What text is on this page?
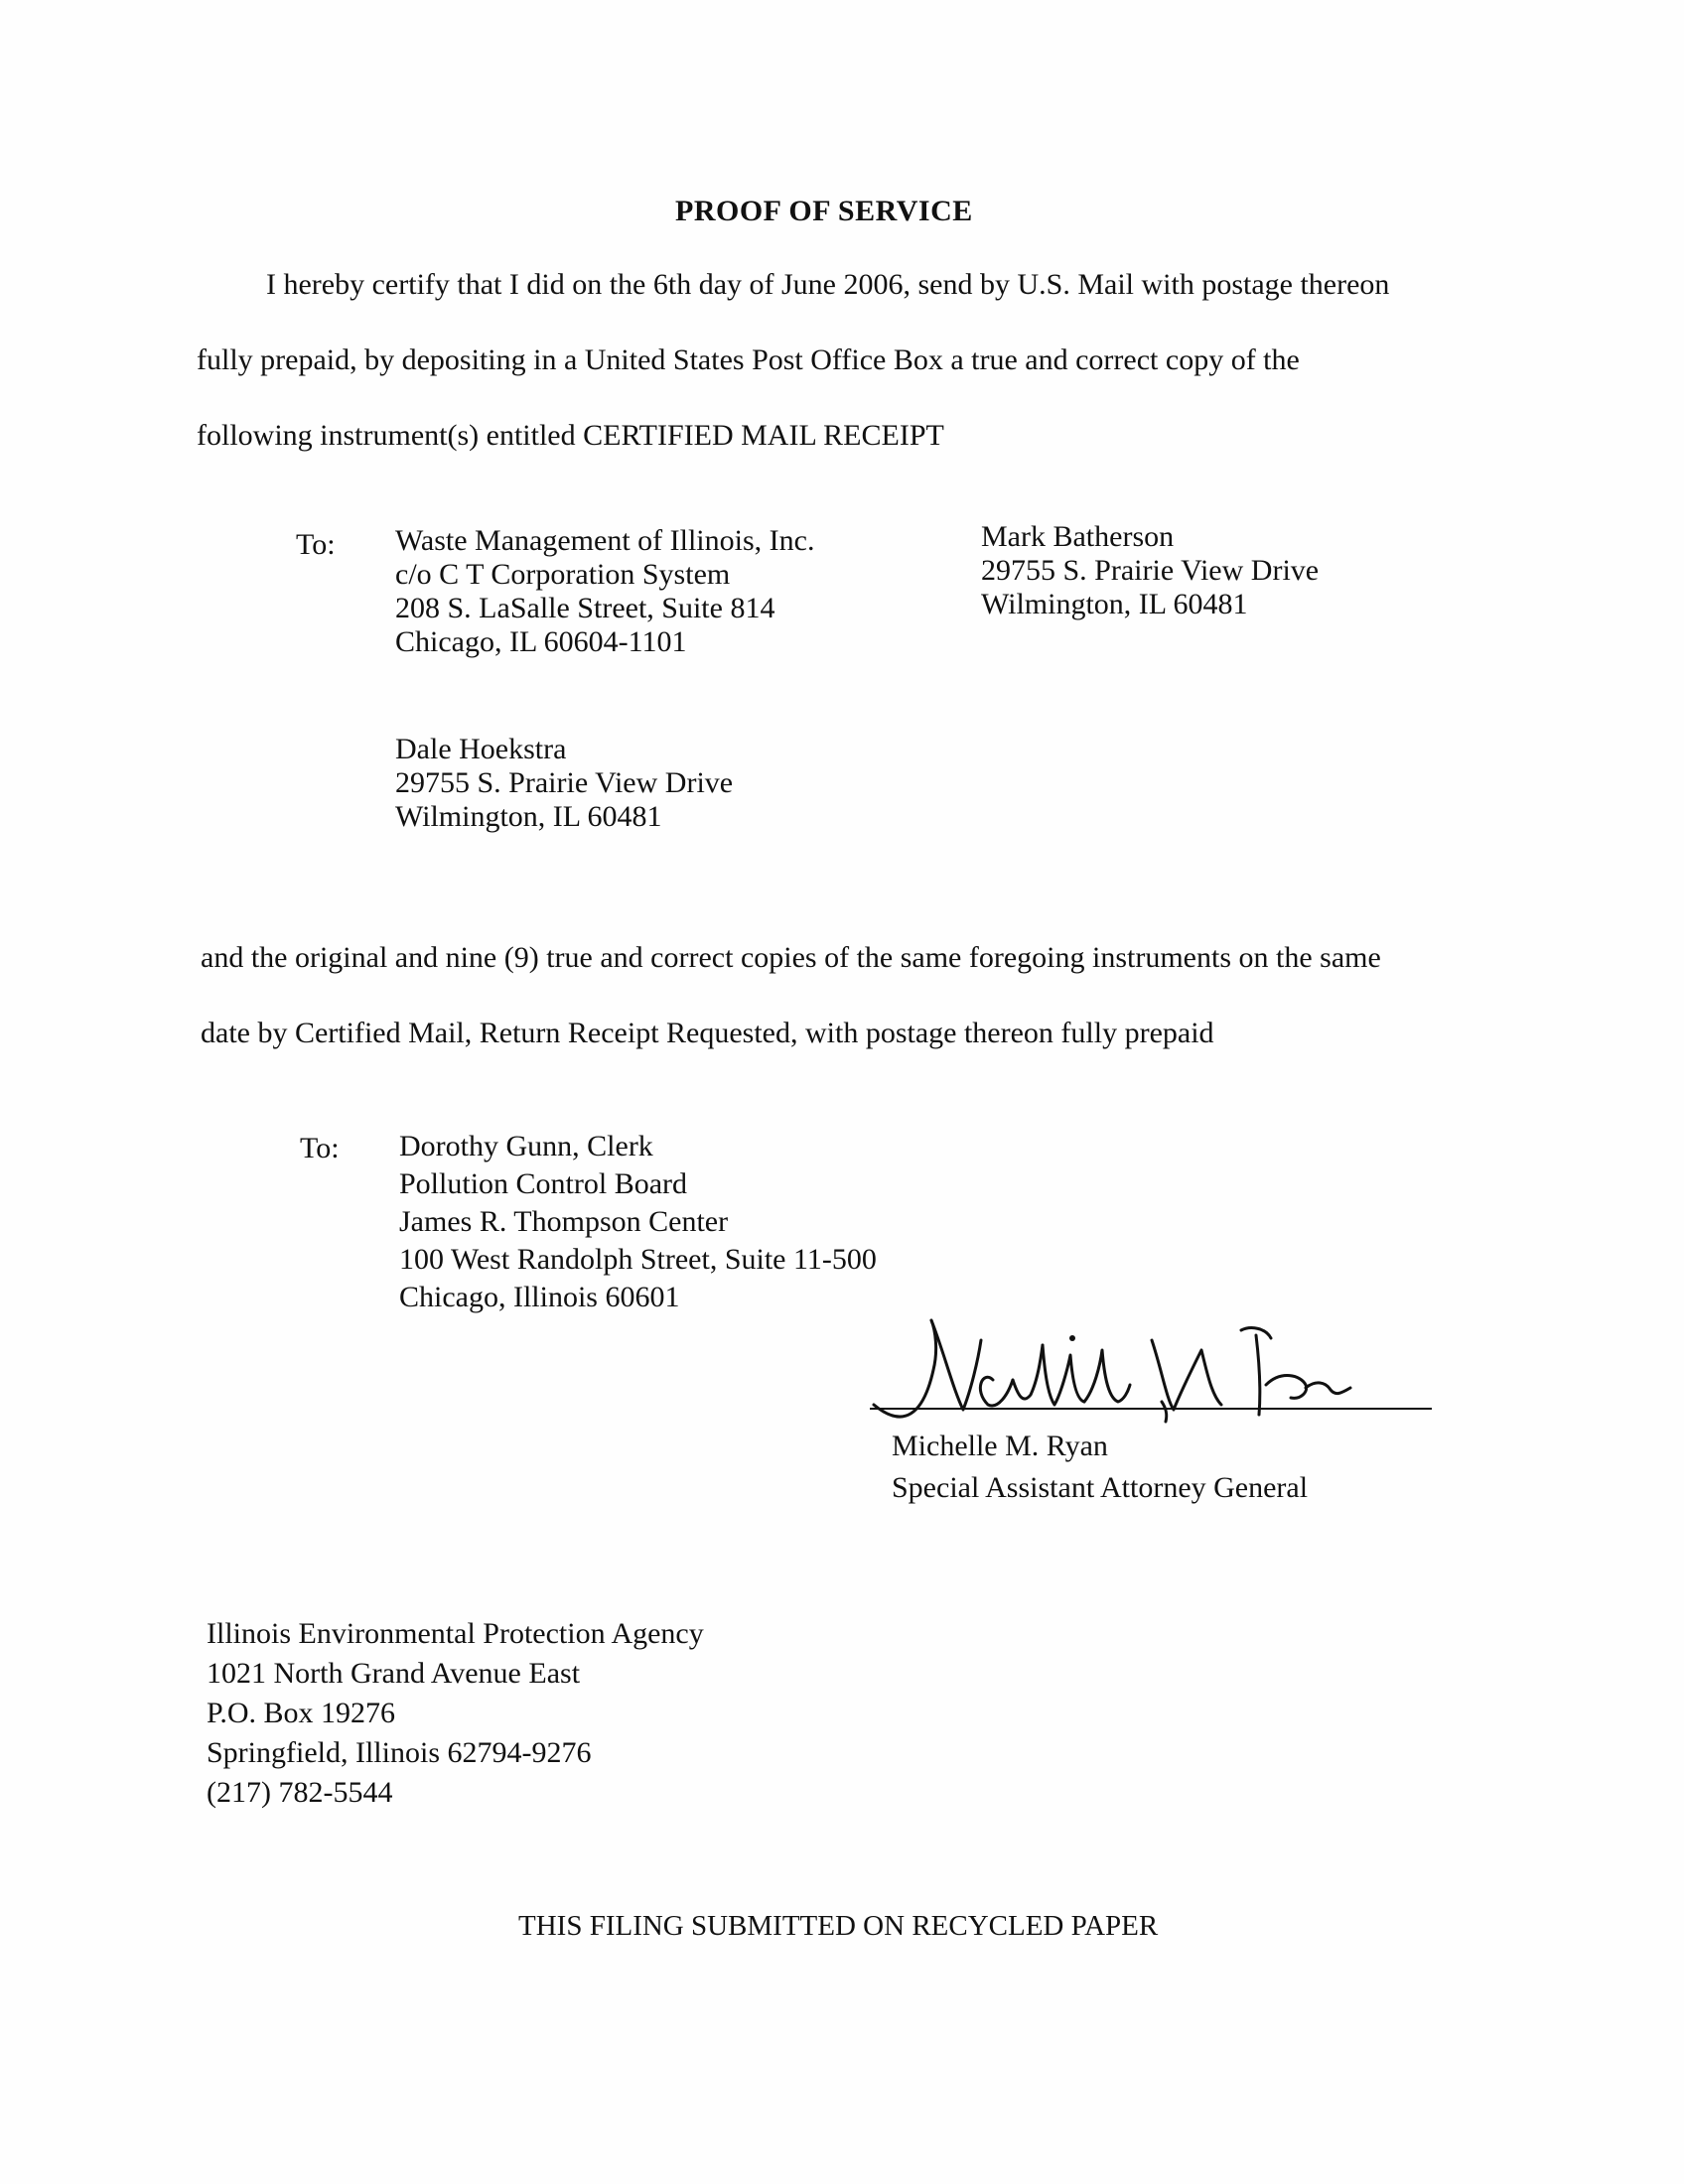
PROOF OF SERVICE
I hereby certify that I did on the 6th day of June 2006, send by U.S. Mail with postage thereon
fully prepaid, by depositing in a United States Post Office Box a true and correct copy of the
following instrument(s) entitled CERTIFIED MAIL RECEIPT
To: Waste Management of Illinois, Inc.
c/o C T Corporation System
208 S. LaSalle Street, Suite 814
Chicago, IL 60604-1101
Mark Batherson
29755 S. Prairie View Drive
Wilmington, IL 60481
Dale Hoekstra
29755 S. Prairie View Drive
Wilmington, IL 60481
and the original and nine (9) true and correct copies of the same foregoing instruments on the same
date by Certified Mail, Return Receipt Requested, with postage thereon fully prepaid
To: Dorothy Gunn, Clerk
Pollution Control Board
James R. Thompson Center
100 West Randolph Street, Suite 11-500
Chicago, Illinois 60601
Michelle M. Ryan
Special Assistant Attorney General
Illinois Environmental Protection Agency
1021 North Grand Avenue East
P.O. Box 19276
Springfield, Illinois 62794-9276
(217) 782-5544
THIS FILING SUBMITTED ON RECYCLED PAPER
